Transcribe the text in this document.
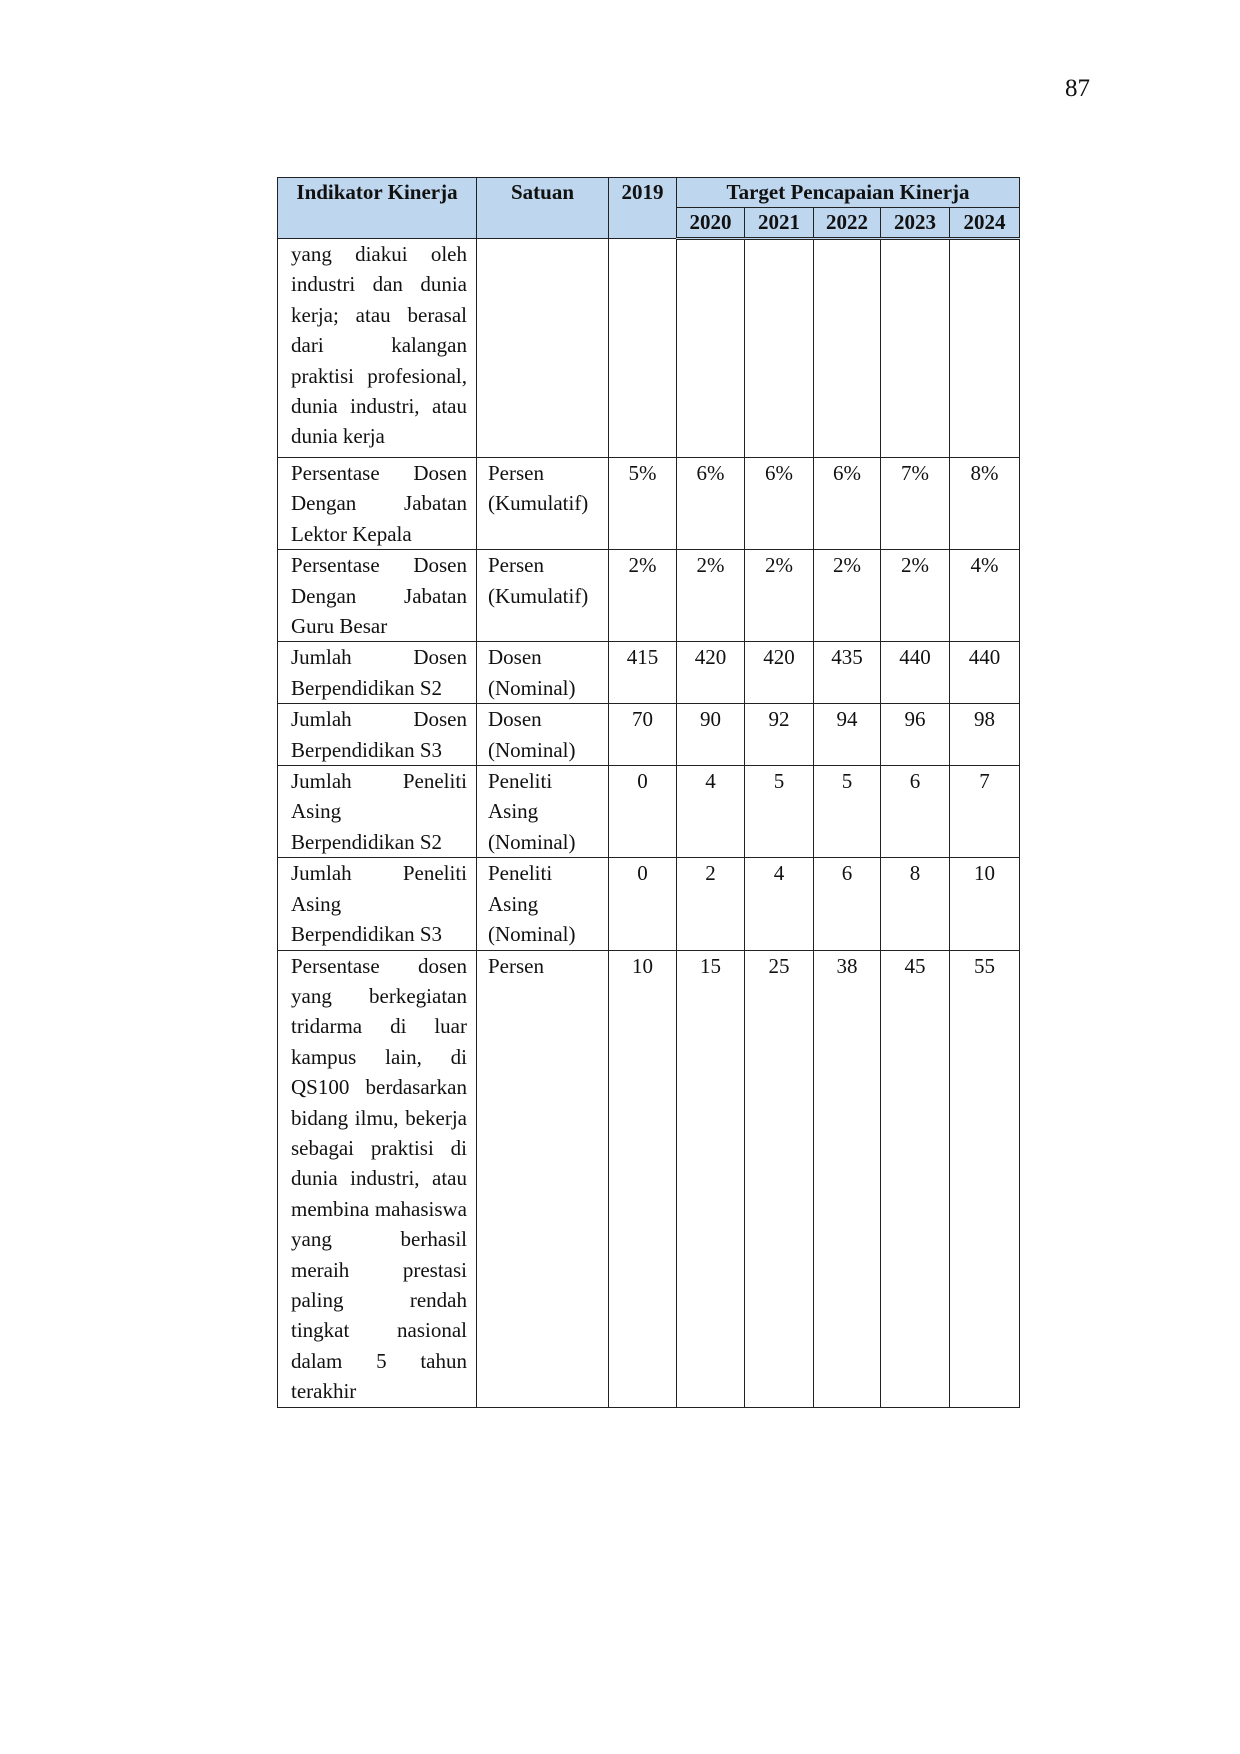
87
Indikator Kinerja	Satuan	2019	Target Pencapaian Kinerja				
			2020	2021	2022	2023	2024
yang diakui oleh industri dan dunia kerja; atau berasal dari kalangan praktisi profesional, dunia industri, atau dunia kerja							
Persentase Dosen Dengan Jabatan Lektor Kepala	Persen (Kumulatif)	5%	6%	6%	6%	7%	8%
Persentase Dosen Dengan Jabatan Guru Besar	Persen (Kumulatif)	2%	2%	2%	2%	2%	4%
Jumlah Dosen Berpendidikan S2	Dosen (Nominal)	415	420	420	435	440	440
Jumlah Dosen Berpendidikan S3	Dosen (Nominal)	70	90	92	94	96	98
Jumlah Peneliti Asing Berpendidikan S2	Peneliti Asing (Nominal)	0	4	5	5	6	7
Jumlah Peneliti Asing Berpendidikan S3	Peneliti Asing (Nominal)	0	2	4	6	8	10
Persentase dosen yang berkegiatan tridarma di luar kampus lain, di QS100 berdasarkan bidang ilmu, bekerja sebagai praktisi di dunia industri, atau membina mahasiswa yang berhasil meraih prestasi paling rendah tingkat nasional dalam 5 tahun terakhir	Persen	10	15	25	38	45	55
